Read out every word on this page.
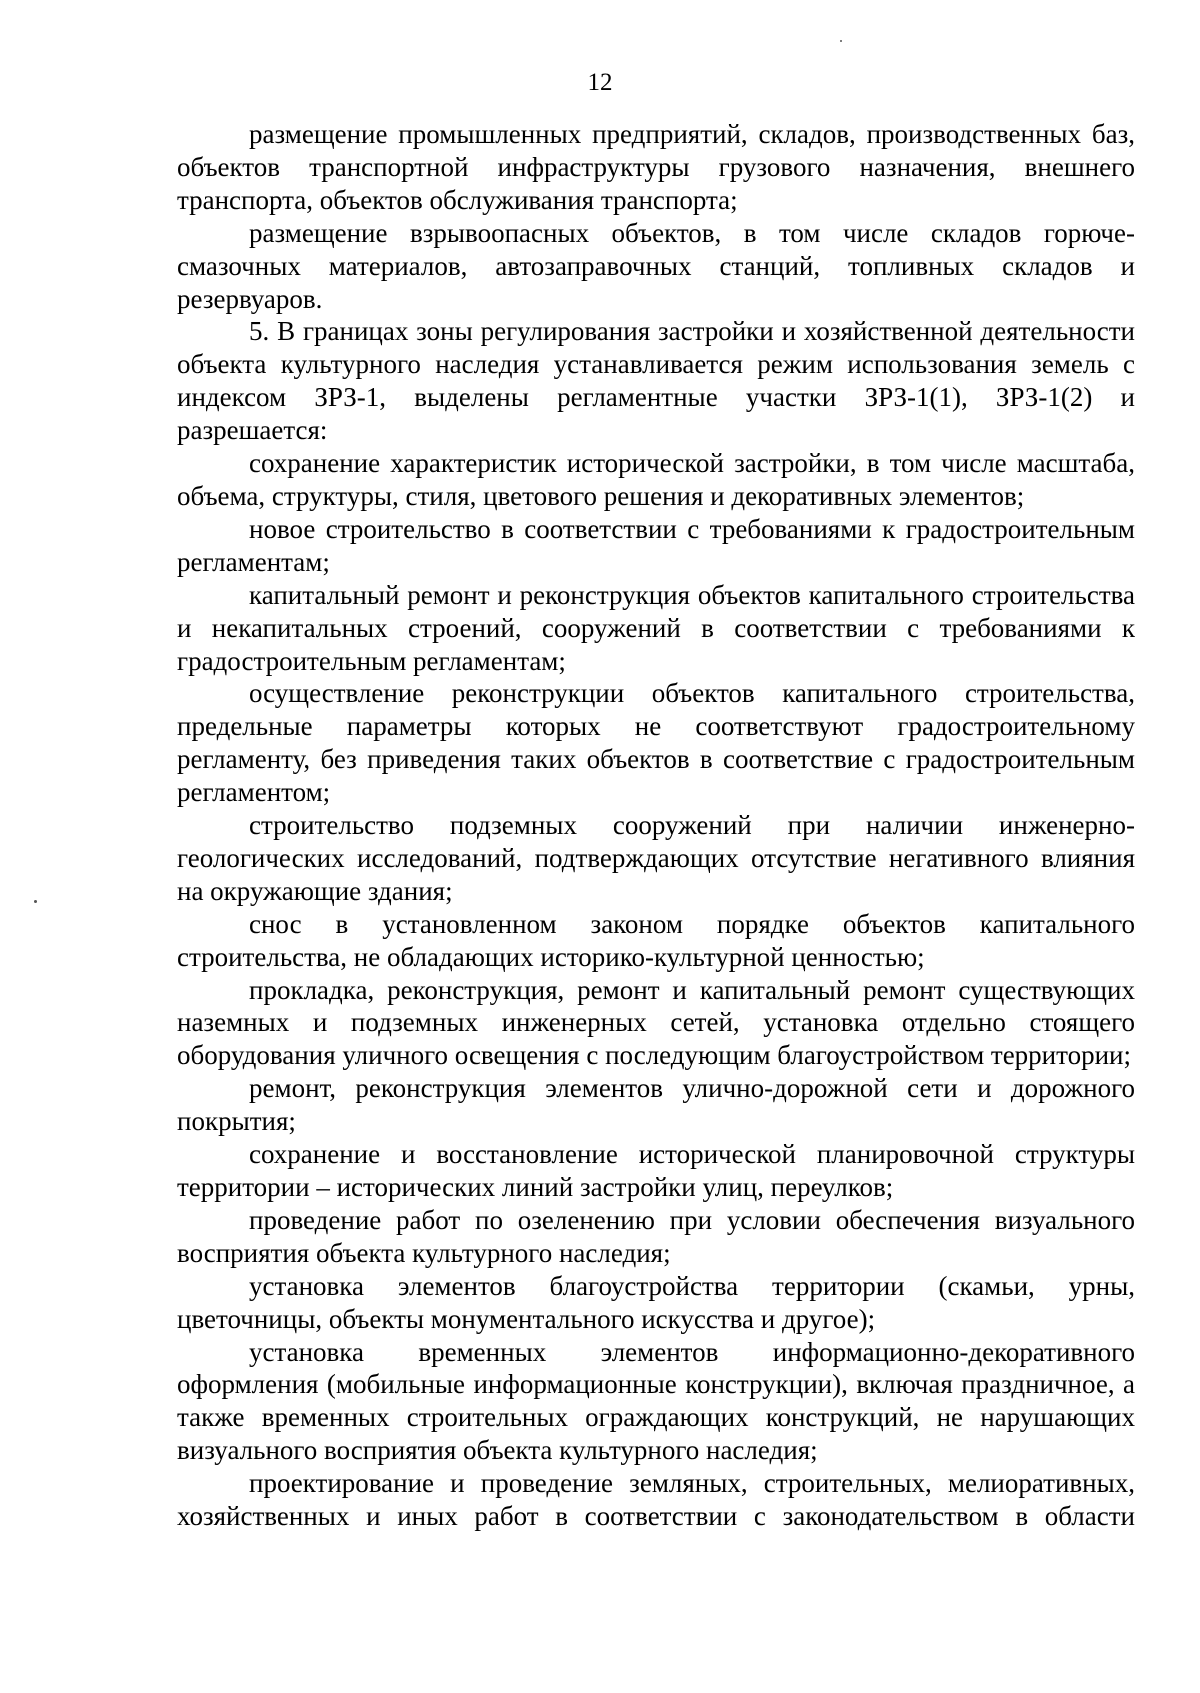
12

размещение промышленных предприятий, складов, производственных баз, объектов транспортной инфраструктуры грузового назначения, внешнего транспорта, объектов обслуживания транспорта;

размещение взрывоопасных объектов, в том числе складов горюче-смазочных материалов, автозаправочных станций, топливных складов и резервуаров.

5. В границах зоны регулирования застройки и хозяйственной деятельности объекта культурного наследия устанавливается режим использования земель с индексом ЗРЗ-1, выделены регламентные участки ЗРЗ-1(1), ЗРЗ-1(2) и разрешается:

сохранение характеристик исторической застройки, в том числе масштаба, объема, структуры, стиля, цветового решения и декоративных элементов;

новое строительство в соответствии с требованиями к градостроительным регламентам;

капитальный ремонт и реконструкция объектов капитального строительства и некапитальных строений, сооружений в соответствии с требованиями к градостроительным регламентам;

осуществление реконструкции объектов капитального строительства, предельные параметры которых не соответствуют градостроительному регламенту, без приведения таких объектов в соответствие с градостроительным регламентом;

строительство подземных сооружений при наличии инженерно-геологических исследований, подтверждающих отсутствие негативного влияния на окружающие здания;

снос в установленном законом порядке объектов капитального строительства, не обладающих историко-культурной ценностью;

прокладка, реконструкция, ремонт и капитальный ремонт существующих наземных и подземных инженерных сетей, установка отдельно стоящего оборудования уличного освещения с последующим благоустройством территории;

ремонт, реконструкция элементов улично-дорожной сети и дорожного покрытия;

сохранение и восстановление исторической планировочной структуры территории – исторических линий застройки улиц, переулков;

проведение работ по озеленению при условии обеспечения визуального восприятия объекта культурного наследия;

установка элементов благоустройства территории (скамьи, урны, цветочницы, объекты монументального искусства и другое);

установка временных элементов информационно-декоративного оформления (мобильные информационные конструкции), включая праздничное, а также временных строительных ограждающих конструкций, не нарушающих визуального восприятия объекта культурного наследия;

проектирование и проведение земляных, строительных, мелиоративных, хозяйственных и иных работ в соответствии с законодательством в области
